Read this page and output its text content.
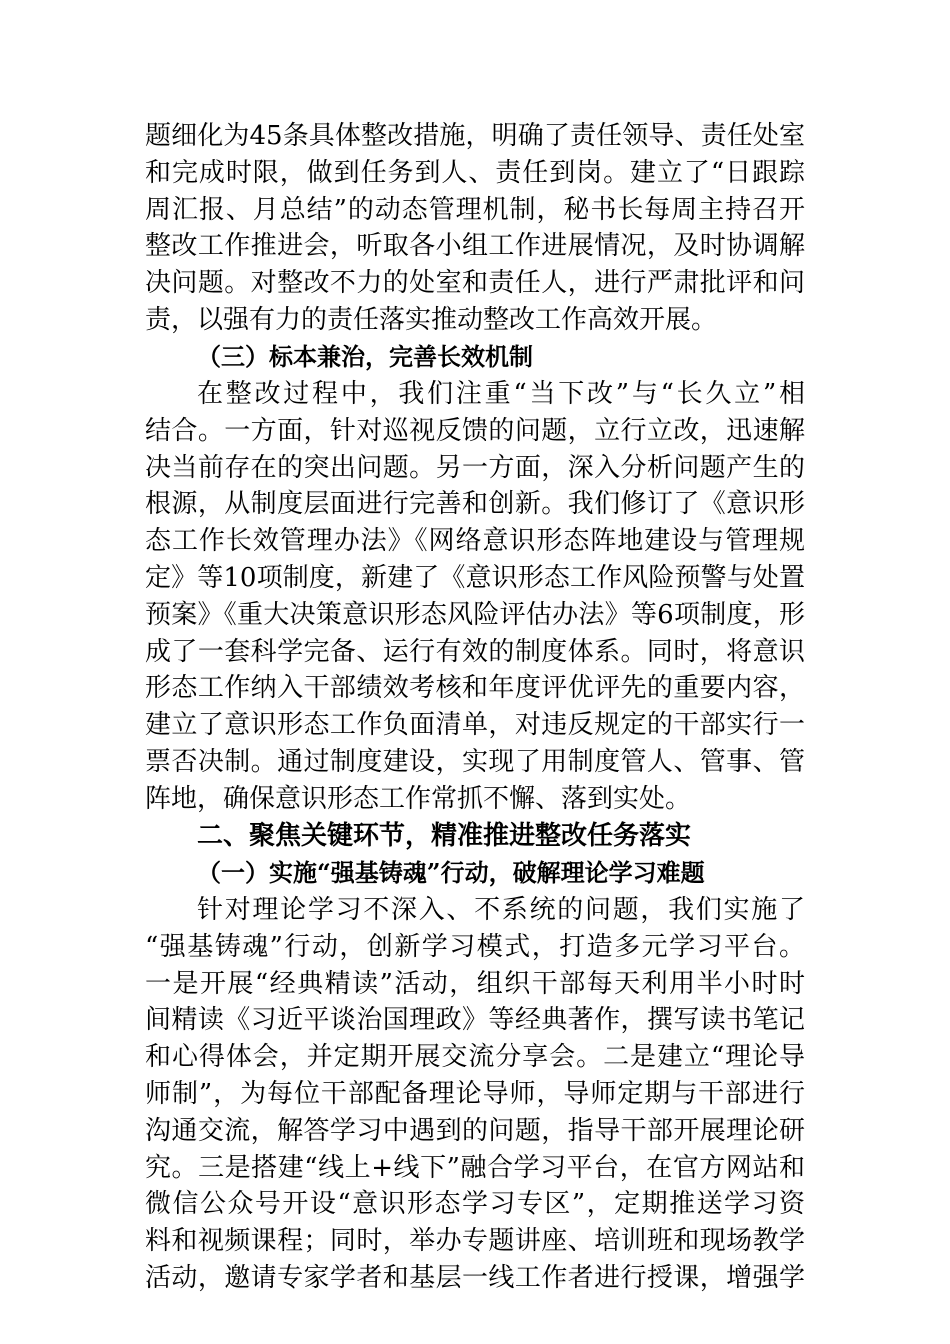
题细化为45条具体整改措施，明确了责任领导、责任处室
和完成时限，做到任务到人、责任到岗。建立了“日跟踪
周汇报、月总结”的动态管理机制，秘书长每周主持召开
整改工作推进会，听取各小组工作进展情况，及时协调解
决问题。对整改不力的处室和责任人，进行严肃批评和问
责，以强有力的责任落实推动整改工作高效开展。
（三）标本兼治，完善长效机制
在整改过程中，我们注重“当下改”与“长久立”相
结合。一方面，针对巡视反馈的问题，立行立改，迅速解
决当前存在的突出问题。另一方面，深入分析问题产生的
根源，从制度层面进行完善和创新。我们修订了《意识形
态工作长效管理办法》《网络意识形态阵地建设与管理规
定》等10项制度，新建了《意识形态工作风险预警与处置
预案》《重大决策意识形态风险评估办法》等6项制度，形
成了一套科学完备、运行有效的制度体系。同时，将意识
形态工作纳入干部绩效考核和年度评优评先的重要内容，
建立了意识形态工作负面清单，对违反规定的干部实行一
票否决制。通过制度建设，实现了用制度管人、管事、管
阵地，确保意识形态工作常抓不懈、落到实处。
二、聚焦关键环节，精准推进整改任务落实
（一）实施“强基铸魂”行动，破解理论学习难题
针对理论学习不深入、不系统的问题，我们实施了
“强基铸魂”行动，创新学习模式，打造多元学习平台。
一是开展“经典精读”活动，组织干部每天利用半小时时
间精读《习近平谈治国理政》等经典著作，撰写读书笔记
和心得体会，并定期开展交流分享会。二是建立“理论导
师制”，为每位干部配备理论导师，导师定期与干部进行
沟通交流，解答学习中遇到的问题，指导干部开展理论研
究。三是搭建“线上+线下”融合学习平台，在官方网站和
微信公众号开设“意识形态学习专区”，定期推送学习资
料和视频课程；同时，举办专题讲座、培训班和现场教学
活动，邀请专家学者和基层一线工作者进行授课，增强学
